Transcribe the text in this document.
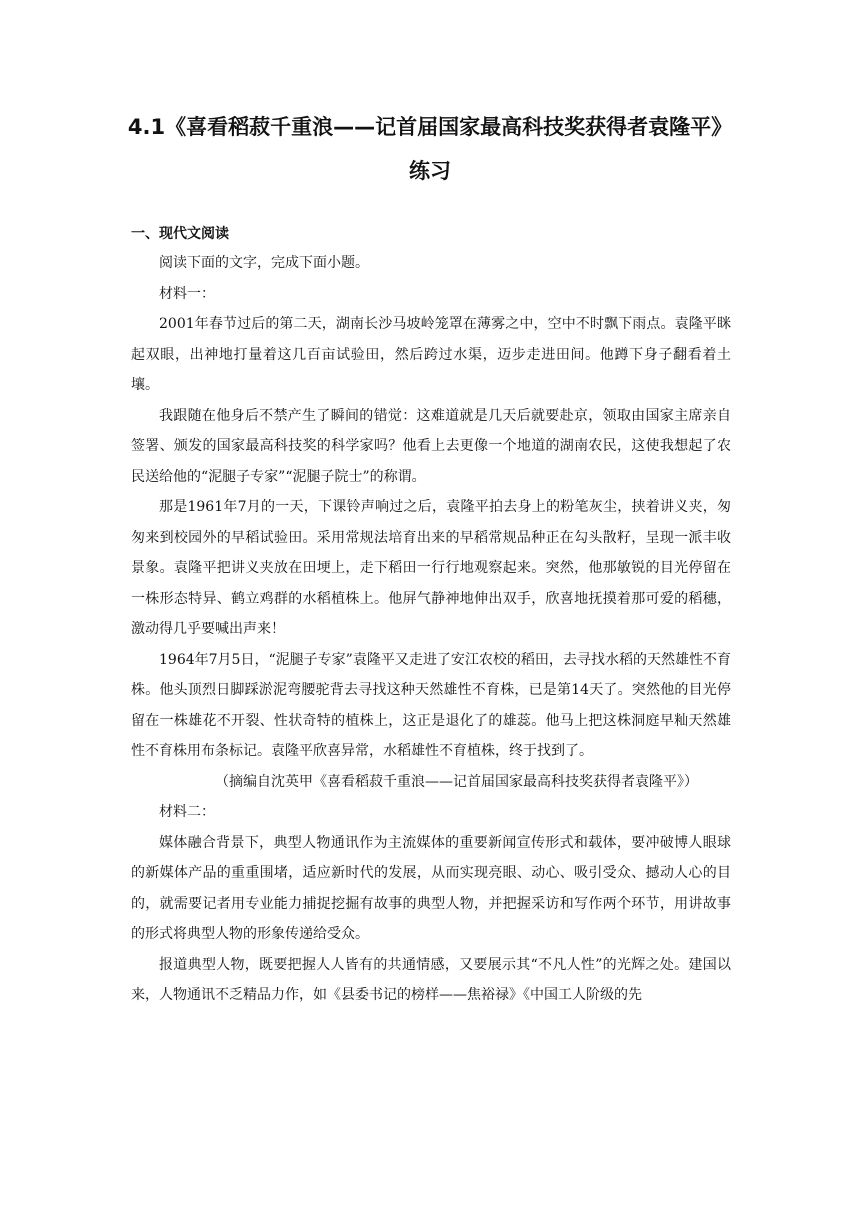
4.1《喜看稻菽千重浪——记首届国家最高科技奖获得者袁隆平》
练习
一、现代文阅读

阅读下面的文字，完成下面小题。

材料一：

2001年春节过后的第二天，湖南长沙马坡岭笼罩在薄雾之中，空中不时飘下雨点。袁隆平眯起双眼，出神地打量着这几百亩试验田，然后跨过水渠，迈步走进田间。他蹲下身子翻看着土壤。

我跟随在他身后不禁产生了瞬间的错觉：这难道就是几天后就要赴京，领取由国家主席亲自签署、颁发的国家最高科技奖的科学家吗？他看上去更像一个地道的湖南农民，这使我想起了农民送给他的“泥腿子专家”“泥腿子院士”的称谓。

那是1961年7月的一天，下课铃声响过之后，袁隆平拍去身上的粉笔灰尘，挟着讲义夹，匆匆来到校园外的早稻试验田。采用常规法培育出来的早稻常规品种正在勾头散籽，呈现一派丰收景象。袁隆平把讲义夹放在田埂上，走下稻田一行行地观察起来。突然，他那敏锐的目光停留在一株形态特异、鹤立鸡群的水稻植株上。他屏气静神地伸出双手，欣喜地抚摸着那可爱的稻穗，激动得几乎要喊出声来！

1964年7月5日，“泥腿子专家”袁隆平又走进了安江农校的稻田，去寻找水稻的天然雄性不育株。他头顶烈日脚踩淤泥弯腰驼背去寻找这种天然雄性不育株，已是第14天了。突然他的目光停留在一株雄花不开裂、性状奇特的植株上，这正是退化了的雄蕊。他马上把这株洞庭早籼天然雄性不育株用布条标记。袁隆平欣喜异常，水稻雄性不育植株，终于找到了。

（摘编自沈英甲《喜看稻菽千重浪——记首届国家最高科技奖获得者袁隆平》）

材料二：

媒体融合背景下，典型人物通讯作为主流媒体的重要新闻宣传形式和载体，要冲破博人眼球的新媒体产品的重重围堵，适应新时代的发展，从而实现亮眼、动心、吸引受众、撼动人心的目的，就需要记者用专业能力捕捉挖掘有故事的典型人物，并把握采访和写作两个环节，用讲故事的形式将典型人物的形象传递给受众。

报道典型人物，既要把握人人皆有的共通情感，又要展示其“不凡人性”的光辉之处。建国以来，人物通讯不乏精品力作，如《县委书记的榜样——焦裕禄》《中国工人阶级的先
